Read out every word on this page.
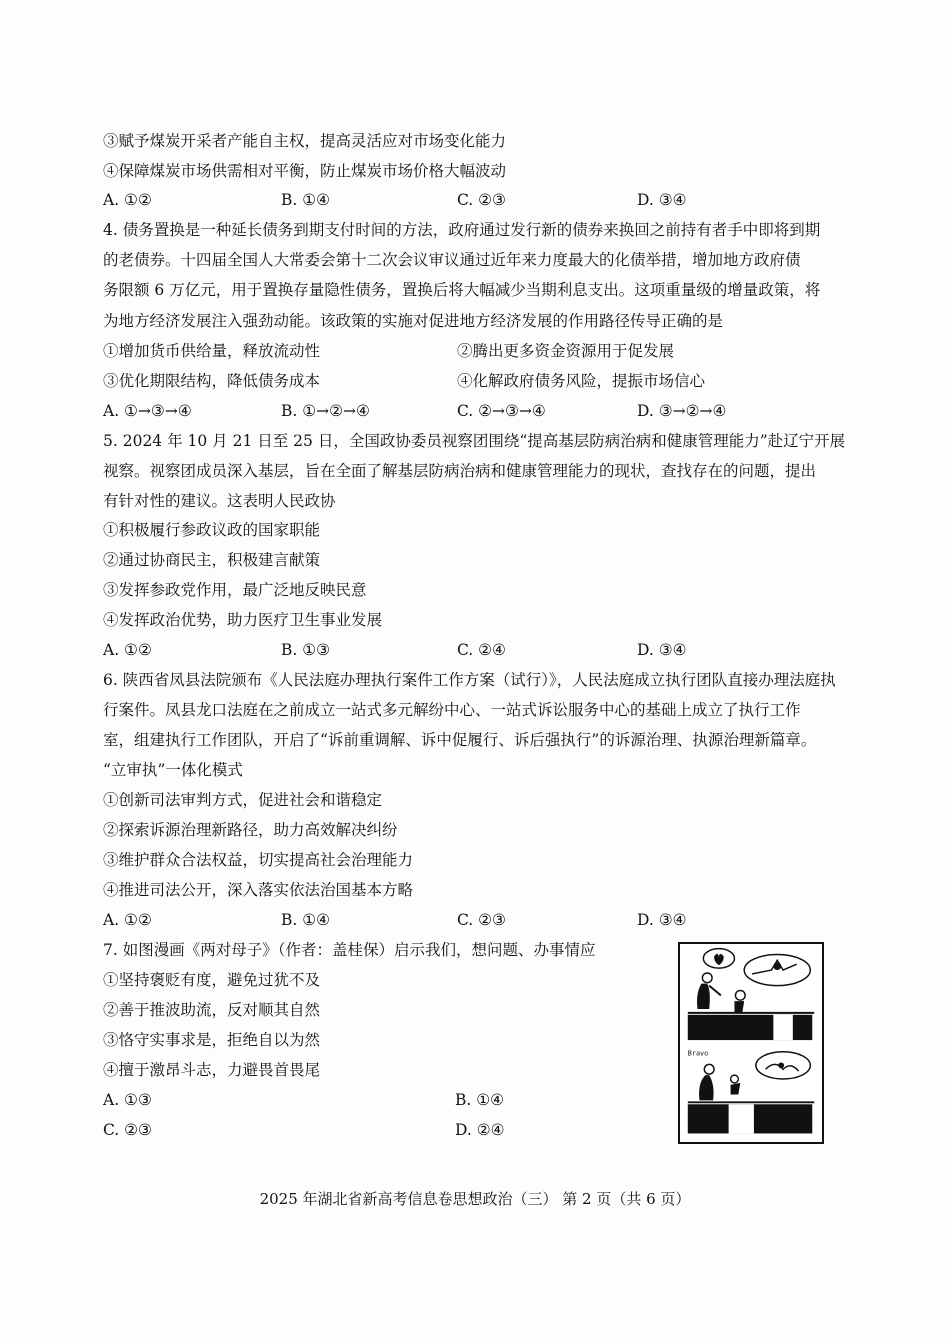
③赋予煤炭开采者产能自主权，提高灵活应对市场变化能力
④保障煤炭市场供需相对平衡，防止煤炭市场价格大幅波动
A. ①②	B. ①④	C. ②③	D. ③④
4. 债务置换是一种延长债务到期支付时间的方法，政府通过发行新的债券来换回之前持有者手中即将到期
的老债券。十四届全国人大常委会第十二次会议审议通过近年来力度最大的化债举措，增加地方政府债
务限额 6 万亿元，用于置换存量隐性债务，置换后将大幅减少当期利息支出。这项重量级的增量政策，将
为地方经济发展注入强劲动能。该政策的实施对促进地方经济发展的作用路径传导正确的是
①增加货币供给量，释放流动性	②腾出更多资金资源用于促发展
③优化期限结构，降低债务成本	④化解政府债务风险，提振市场信心
A. ①→③→④	B. ①→②→④	C. ②→③→④	D. ③→②→④
5. 2024 年 10 月 21 日至 25 日，全国政协委员视察团围绕“提高基层防病治病和健康管理能力”赴辽宁开展
视察。视察团成员深入基层，旨在全面了解基层防病治病和健康管理能力的现状，查找存在的问题，提出
有针对性的建议。这表明人民政协
①积极履行参政议政的国家职能
②通过协商民主，积极建言献策
③发挥参政党作用，最广泛地反映民意
④发挥政治优势，助力医疗卫生事业发展
A. ①②	B. ①③	C. ②④	D. ③④
6. 陕西省凤县法院颁布《人民法庭办理执行案件工作方案（试行）》，人民法庭成立执行团队直接办理法庭执
行案件。凤县龙口法庭在之前成立一站式多元解纷中心、一站式诉讼服务中心的基础上成立了执行工作
室，组建执行工作团队，开启了“诉前重调解、诉中促履行、诉后强执行”的诉源治理、执源治理新篇章。
“立审执”一体化模式
①创新司法审判方式，促进社会和谐稳定
②探索诉源治理新路径，助力高效解决纠纷
③维护群众合法权益，切实提高社会治理能力
④推进司法公开，深入落实依法治国基本方略
A. ①②	B. ①④	C. ②③	D. ③④
7. 如图漫画《两对母子》（作者：盖桂保）启示我们，想问题、办事情应
①坚持褒贬有度，避免过犹不及
②善于推波助流，反对顺其自然
③恪守实事求是，拒绝自以为然
④擅于激昂斗志，力避畏首畏尾
A. ①③	B. ①④
C. ②③	D. ②④
Bravo
2025 年湖北省新高考信息卷思想政治（三） 第 2 页（共 6 页）
